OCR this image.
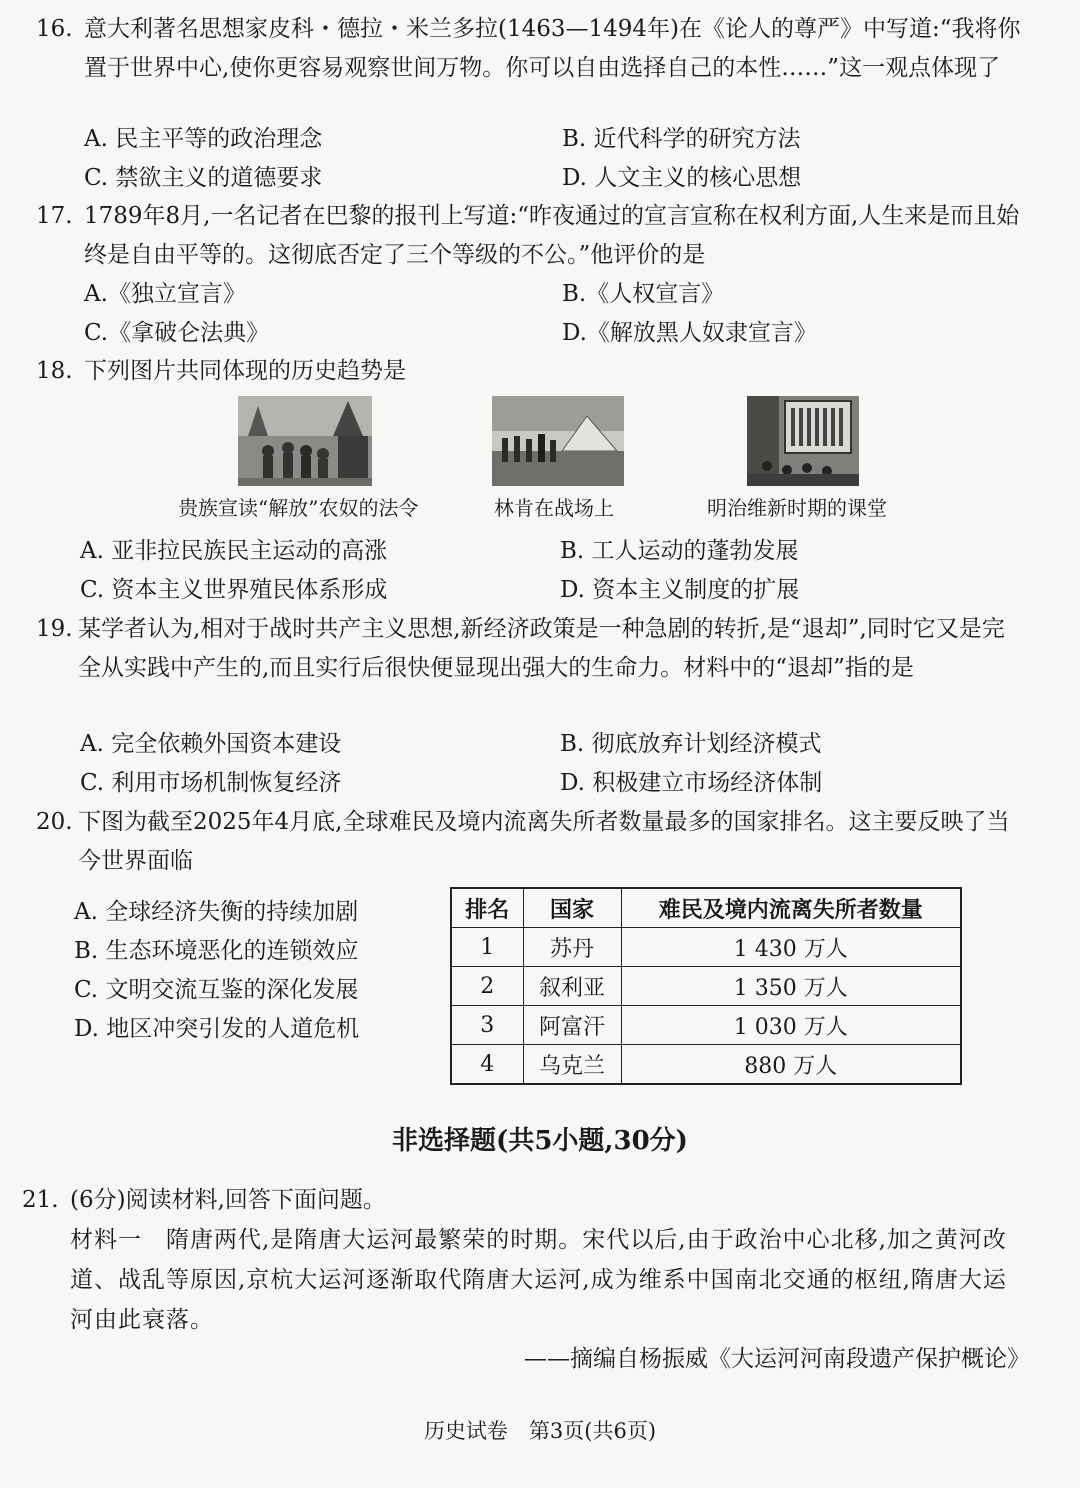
16. 意大利著名思想家皮科・德拉・米兰多拉(1463—1494年)在《论人的尊严》中写道:“我将你置于世界中心,使你更容易观察世间万物。你可以自由选择自己的本性……”这一观点体现了
A. 民主平等的政治理念	B. 近代科学的研究方法
C. 禁欲主义的道德要求	D. 人文主义的核心思想
17. 1789年8月,一名记者在巴黎的报刊上写道:“昨夜通过的宣言宣称在权利方面,人生来是而且始终是自由平等的。这彻底否定了三个等级的不公。”他评价的是
A.《独立宣言》	B.《人权宣言》
C.《拿破仑法典》	D.《解放黑人奴隶宣言》
18. 下列图片共同体现的历史趋势是
贵族宣读“解放”农奴的法令	林肯在战场上	明治维新时期的课堂
A. 亚非拉民族民主运动的高涨	B. 工人运动的蓬勃发展
C. 资本主义世界殖民体系形成	D. 资本主义制度的扩展
19. 某学者认为,相对于战时共产主义思想,新经济政策是一种急剧的转折,是“退却”,同时它又是完全从实践中产生的,而且实行后很快便显现出强大的生命力。材料中的“退却”指的是
A. 完全依赖外国资本建设	B. 彻底放弃计划经济模式
C. 利用市场机制恢复经济	D. 积极建立市场经济体制
20. 下图为截至2025年4月底,全球难民及境内流离失所者数量最多的国家排名。这主要反映了当今世界面临
A. 全球经济失衡的持续加剧
B. 生态环境恶化的连锁效应
C. 文明交流互鉴的深化发展
D. 地区冲突引发的人道危机
排名	国家	难民及境内流离失所者数量
1	苏丹	1 430 万人
2	叙利亚	1 350 万人
3	阿富汗	1 030 万人
4	乌克兰	880 万人
非选择题(共5小题,30分)
21. (6分)阅读材料,回答下面问题。
材料一　隋唐两代,是隋唐大运河最繁荣的时期。宋代以后,由于政治中心北移,加之黄河改道、战乱等原因,京杭大运河逐渐取代隋唐大运河,成为维系中国南北交通的枢纽,隋唐大运河由此衰落。
——摘编自杨振威《大运河河南段遗产保护概论》
历史试卷　第3页(共6页)
